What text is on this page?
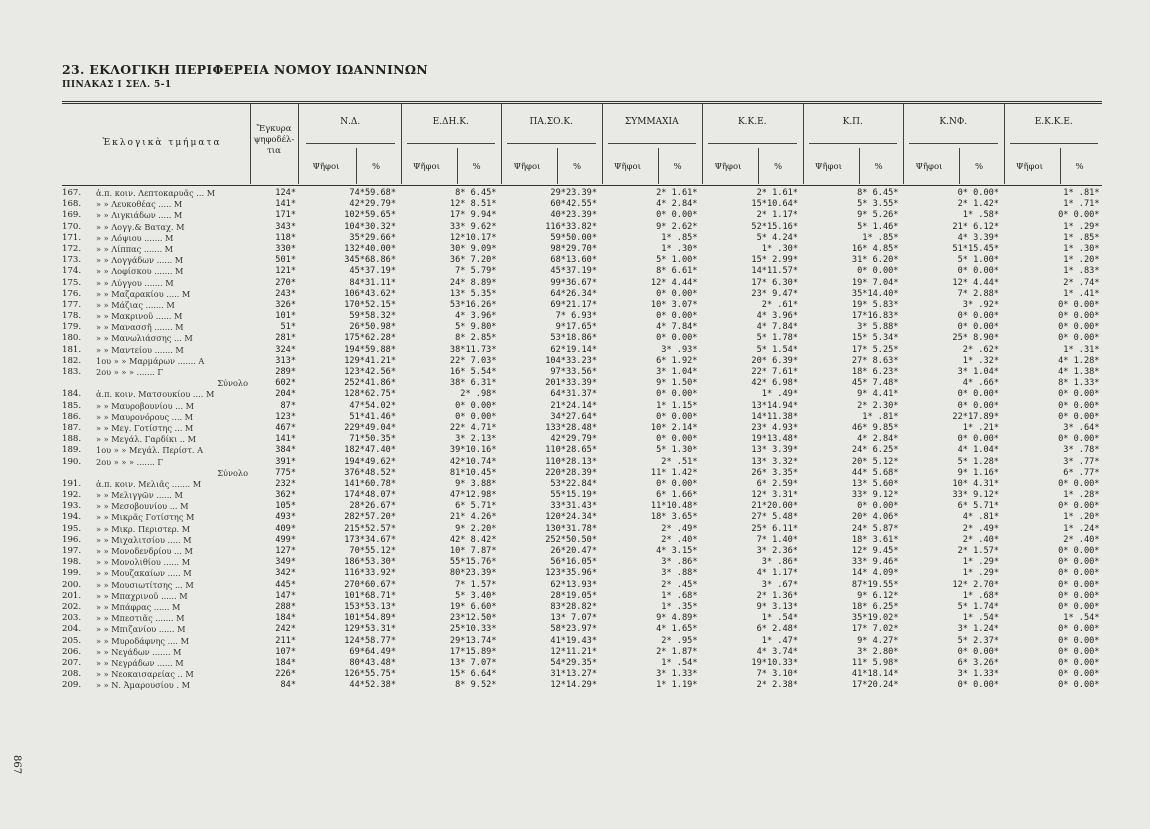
23. ΕΚΛΟΓΙΚΗ ΠΕΡΙΦΕΡΕΙΑ ΝΟΜΟΥ ΙΩΑΝΝΙΝΩΝ
ΠΙΝΑΚΑΣ I ΣΕΛ. 5-1
867
Ἐκλογικὰ τμήματα
Ἔγκυρα ψηφοδέλ-τια
Ν.Δ.
Ψῆφοι	%
Ε.ΔΗ.Κ.
Ψῆφοι	%
ΠΑ.ΣΟ.Κ.
Ψῆφοι	%
ΣΥΜΜΑΧΙΑ
Ψῆφοι	%
Κ.Κ.Ε.
Ψῆφοι	%
Κ.Π.
Ψῆφοι	%
Κ.ΝΦ.
Ψῆφοι	%
Ε.Κ.Κ.Ε.
Ψῆφοι	%
167. ἀ.π. κοιν. Λεπτοκαρυᾶς ... Μ	124*	74*59.68*	8* 6.45*	29*23.39*	2* 1.61*	2* 1.61*	8* 6.45*	0* 0.00*	1* .81*
168. » » Λευκοθέας ..... Μ	141*	42*29.79*	12* 8.51*	60*42.55*	4* 2.84*	15*10.64*	5* 3.55*	2* 1.42*	1* .71*
169. » » Λιγκιάδων ..... Μ	171*	102*59.65*	17* 9.94*	40*23.39*	0* 0.00*	2* 1.17*	9* 5.26*	1* .58*	0* 0.00*
170. » » Λογγ.& Βαταχ. Μ	343*	104*30.32*	33* 9.62*	116*33.82*	9* 2.62*	52*15.16*	5* 1.46*	21* 6.12*	1* .29*
171. » » Λόψιου ....... Μ	118*	35*29.66*	12*10.17*	59*50.00*	1* .85*	5* 4.24*	1* .85*	4* 3.39*	1* .85*
172. » » Λίππας ....... Μ	330*	132*40.00*	30* 9.09*	98*29.70*	1* .30*	1* .30*	16* 4.85*	51*15.45*	1* .30*
173. » » Λογγάδων ...... Μ	501*	345*68.86*	36* 7.20*	68*13.60*	5* 1.00*	15* 2.99*	31* 6.20*	5* 1.00*	1* .20*
174. » » Λοφίσκου ....... Μ	121*	45*37.19*	7* 5.79*	45*37.19*	8* 6.61*	14*11.57*	0* 0.00*	0* 0.00*	1* .83*
175. » » Λύγγου ....... Μ	270*	84*31.11*	24* 8.89*	99*36.67*	12* 4.44*	17* 6.30*	19* 7.04*	12* 4.44*	2* .74*
176. » » Μαζαρακίου ..... Μ	243*	106*43.62*	13* 5.35*	64*26.34*	0* 0.00*	23* 9.47*	35*14.40*	7* 2.88*	1* .41*
177. » » Μάζιας ....... Μ	326*	170*52.15*	53*16.26*	69*21.17*	10* 3.07*	2* .61*	19* 5.83*	3* .92*	0* 0.00*
178. » » Μακρινοῦ ...... Μ	101*	59*58.32*	4* 3.96*	7* 6.93*	0* 0.00*	4* 3.96*	17*16.83*	0* 0.00*	0* 0.00*
179. » » Μανασσῆ ....... Μ	51*	26*50.98*	5* 9.80*	9*17.65*	4* 7.84*	4* 7.84*	3* 5.88*	0* 0.00*	0* 0.00*
180. » » Μανωλιάσσης ... Μ	281*	175*62.28*	8* 2.85*	53*18.86*	0* 0.00*	5* 1.78*	15* 5.34*	25* 8.90*	0* 0.00*
181. » » Μαντείου ....... Μ	324*	194*59.88*	38*11.73*	62*19.14*	3* .93*	5* 1.54*	17* 5.25*	2* .62*	1* .31*
182. 1ου » » Μαρμάρων ....... Α	313*	129*41.21*	22* 7.03*	104*33.23*	6* 1.92*	20* 6.39*	27* 8.63*	1* .32*	4* 1.28*
183. 2ου » » » ....... Γ	289*	123*42.56*	16* 5.54*	97*33.56*	3* 1.04*	22* 7.61*	18* 6.23*	3* 1.04*	4* 1.38*
Σύνολο	602*	252*41.86*	38* 6.31*	201*33.39*	9* 1.50*	42* 6.98*	45* 7.48*	4* .66*	8* 1.33*
184. ἀ.π. κοιν. Ματσουκίου .... Μ	204*	128*62.75*	2* .98*	64*31.37*	0* 0.00*	1* .49*	9* 4.41*	0* 0.00*	0* 0.00*
185. » » Μαυροβουνίου ... Μ	87*	47*54.02*	0* 0.00*	21*24.14*	1* 1.15*	13*14.94*	2* 2.30*	0* 0.00*	0* 0.00*
186. » » Μαυρονόρους .... Μ	123*	51*41.46*	0* 0.00*	34*27.64*	0* 0.00*	14*11.38*	1* .81*	22*17.89*	0* 0.00*
187. » » Μεγ. Γοτίστης ... Μ	467*	229*49.04*	22* 4.71*	133*28.48*	10* 2.14*	23* 4.93*	46* 9.85*	1* .21*	3* .64*
188. » » Μεγάλ. Γαρδίκι .. Μ	141*	71*50.35*	3* 2.13*	42*29.79*	0* 0.00*	19*13.48*	4* 2.84*	0* 0.00*	0* 0.00*
189. 1ου » » Μεγάλ. Περίστ. Α	384*	182*47.40*	39*10.16*	110*28.65*	5* 1.30*	13* 3.39*	24* 6.25*	4* 1.04*	3* .78*
190. 2ου » » » ....... Γ	391*	194*49.62*	42*10.74*	110*28.13*	2* .51*	13* 3.32*	20* 5.12*	5* 1.28*	3* .77*
Σύνολο	775*	376*48.52*	81*10.45*	220*28.39*	11* 1.42*	26* 3.35*	44* 5.68*	9* 1.16*	6* .77*
191. ἀ.π. κοιν. Μελιᾶς ....... Μ	232*	141*60.78*	9* 3.88*	53*22.84*	0* 0.00*	6* 2.59*	13* 5.60*	10* 4.31*	0* 0.00*
192. » » Μελιγγῶν ...... Μ	362*	174*48.07*	47*12.98*	55*15.19*	6* 1.66*	12* 3.31*	33* 9.12*	33* 9.12*	1* .28*
193. » » Μεσοβουνίου ... Μ	105*	28*26.67*	6* 5.71*	33*31.43*	11*10.48*	21*20.00*	0* 0.00*	6* 5.71*	0* 0.00*
194. » » Μικρᾶς Γοτίστης Μ	493*	282*57.20*	21* 4.26*	120*24.34*	18* 3.65*	27* 5.48*	20* 4.06*	4* .81*	1* .20*
195. » » Μικρ. Περιστερ. Μ	409*	215*52.57*	9* 2.20*	130*31.78*	2* .49*	25* 6.11*	24* 5.87*	2* .49*	1* .24*
196. » » Μιχαλιτσίου ..... Μ	499*	173*34.67*	42* 8.42*	252*50.50*	2* .40*	7* 1.40*	18* 3.61*	2* .40*	2* .40*
197. » » Μονοδενδρίου ... Μ	127*	70*55.12*	10* 7.87*	26*20.47*	4* 3.15*	3* 2.36*	12* 9.45*	2* 1.57*	0* 0.00*
198. » » Μονολιθίου ...... Μ	349*	186*53.30*	55*15.76*	56*16.05*	3* .86*	3* .86*	33* 9.46*	1* .29*	0* 0.00*
199. » » Μουζακαίων ..... Μ	342*	116*33.92*	80*23.39*	123*35.96*	3* .88*	4* 1.17*	14* 4.09*	1* .29*	0* 0.00*
200. » » Μουσιωτίτσης ... Μ	445*	270*60.67*	7* 1.57*	62*13.93*	2* .45*	3* .67*	87*19.55*	12* 2.70*	0* 0.00*
201. » » Μπαχρινοῦ ...... Μ	147*	101*68.71*	5* 3.40*	28*19.05*	1* .68*	2* 1.36*	9* 6.12*	1* .68*	0* 0.00*
202. » » Μπάφρας ...... Μ	288*	153*53.13*	19* 6.60*	83*28.82*	1* .35*	9* 3.13*	18* 6.25*	5* 1.74*	0* 0.00*
203. » » Μπεστιᾶς ....... Μ	184*	101*54.89*	23*12.50*	13* 7.07*	9* 4.89*	1* .54*	35*19.02*	1* .54*	1* .54*
204. » » Μπιζανίου ...... Μ	242*	129*53.31*	25*10.33*	58*23.97*	4* 1.65*	6* 2.48*	17* 7.02*	3* 1.24*	0* 0.00*
205. » » Μυροδάφνης .... Μ	211*	124*58.77*	29*13.74*	41*19.43*	2* .95*	1* .47*	9* 4.27*	5* 2.37*	0* 0.00*
206. » » Νεγάδων ....... Μ	107*	69*64.49*	17*15.89*	12*11.21*	2* 1.87*	4* 3.74*	3* 2.80*	0* 0.00*	0* 0.00*
207. » » Νεγράδων ...... Μ	184*	80*43.48*	13* 7.07*	54*29.35*	1* .54*	19*10.33*	11* 5.98*	6* 3.26*	0* 0.00*
208. » » Νεοκαισαρείας .. Μ	226*	126*55.75*	15* 6.64*	31*13.27*	3* 1.33*	7* 3.10*	41*18.14*	3* 1.33*	0* 0.00*
209. » » Ν. Ἀμαρουσίου . Μ	84*	44*52.38*	8* 9.52*	12*14.29*	1* 1.19*	2* 2.38*	17*20.24*	0* 0.00*	0* 0.00*
